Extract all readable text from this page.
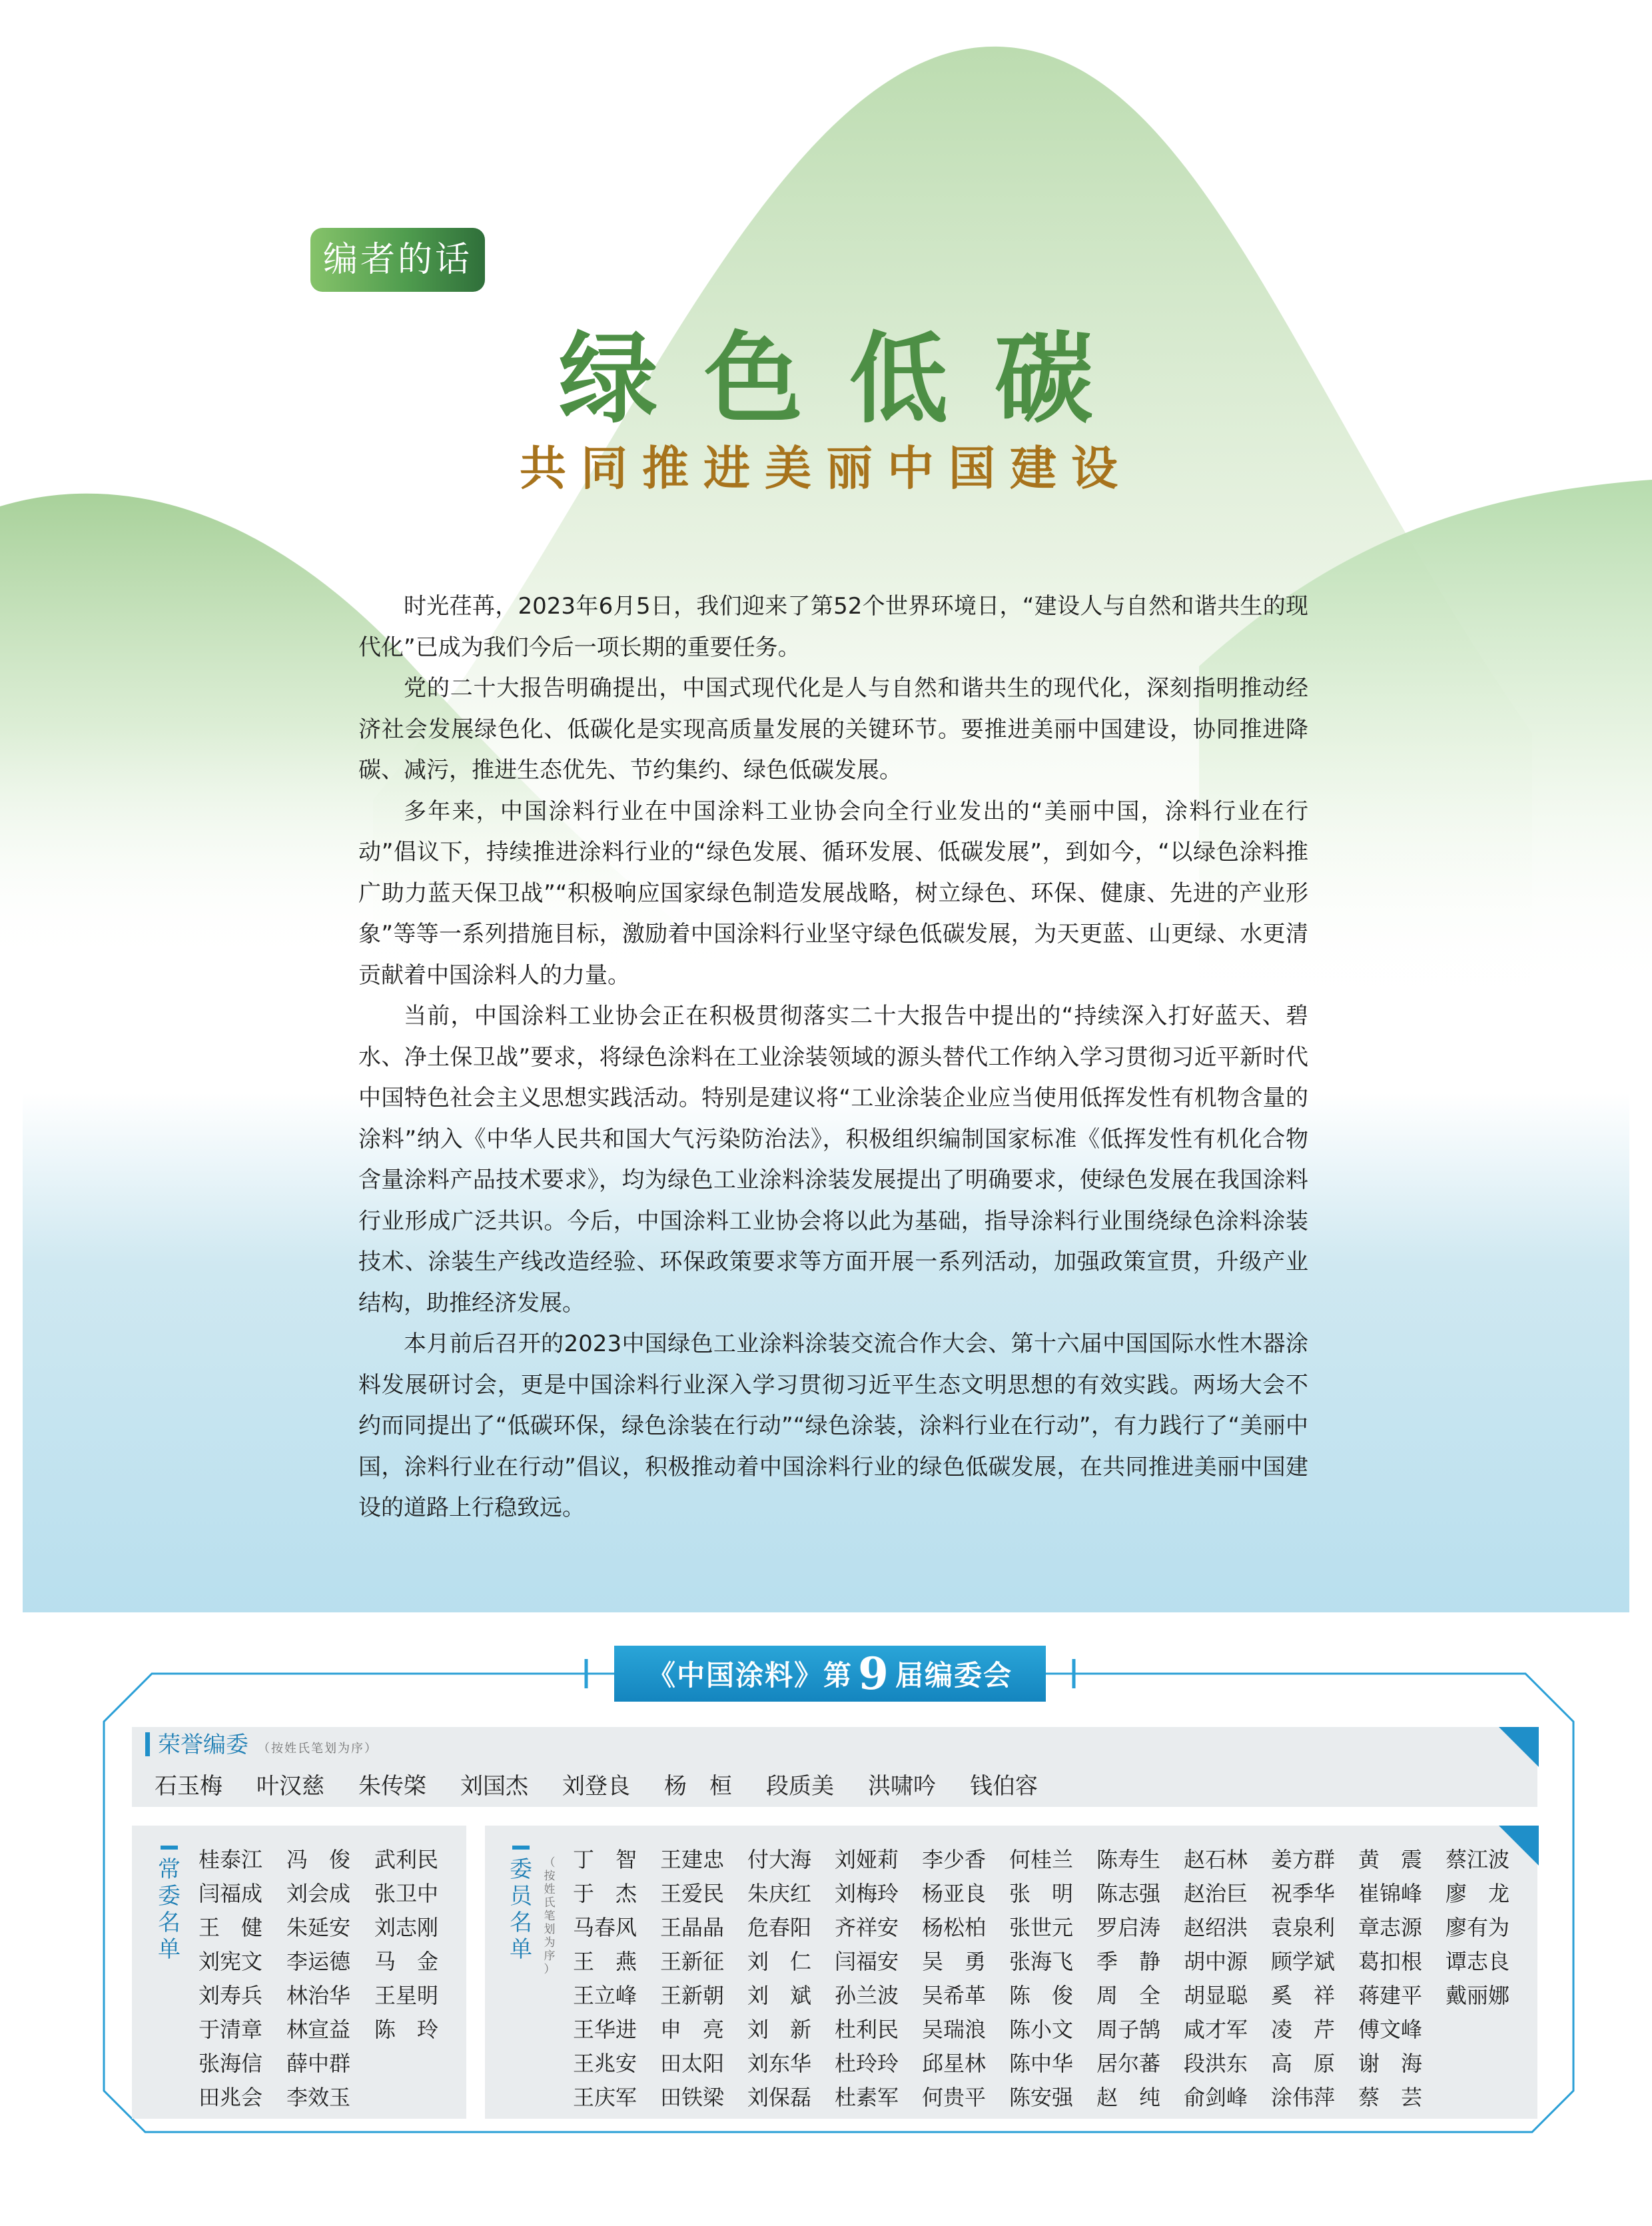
编者的话
绿色低碳
共同推进美丽中国建设

时光荏苒，2023年6月5日，我们迎来了第52个世界环境日，“建设人与自然和谐共生的现代化”已成为我们今后一项长期的重要任务。

党的二十大报告明确提出，中国式现代化是人与自然和谐共生的现代化，深刻指明推动经济社会发展绿色化、低碳化是实现高质量发展的关键环节。要推进美丽中国建设，协同推进降碳、减污，推进生态优先、节约集约、绿色低碳发展。

多年来，中国涂料行业在中国涂料工业协会向全行业发出的“美丽中国，涂料行业在行动”倡议下，持续推进涂料行业的“绿色发展、循环发展、低碳发展”，到如今，“以绿色涂料推广助力蓝天保卫战”“积极响应国家绿色制造发展战略，树立绿色、环保、健康、先进的产业形象”等等一系列措施目标，激励着中国涂料行业坚守绿色低碳发展，为天更蓝、山更绿、水更清贡献着中国涂料人的力量。

当前，中国涂料工业协会正在积极贯彻落实二十大报告中提出的“持续深入打好蓝天、碧水、净土保卫战”要求，将绿色涂料在工业涂装领域的源头替代工作纳入学习贯彻习近平新时代中国特色社会主义思想实践活动。特别是建议将“工业涂装企业应当使用低挥发性有机物含量的涂料”纳入《中华人民共和国大气污染防治法》，积极组织编制国家标准《低挥发性有机化合物含量涂料产品技术要求》，均为绿色工业涂料涂装发展提出了明确要求，使绿色发展在我国涂料行业形成广泛共识。今后，中国涂料工业协会将以此为基础，指导涂料行业围绕绿色涂料涂装技术、涂装生产线改造经验、环保政策要求等方面开展一系列活动，加强政策宣贯，升级产业结构，助推经济发展。

本月前后召开的2023中国绿色工业涂料涂装交流合作大会、第十六届中国国际水性木器涂料发展研讨会，更是中国涂料行业深入学习贯彻习近平生态文明思想的有效实践。两场大会不约而同提出了“低碳环保，绿色涂装在行动”“绿色涂装，涂料行业在行动”，有力践行了“美丽中国，涂料行业在行动”倡议，积极推动着中国涂料行业的绿色低碳发展，在共同推进美丽中国建设的道路上行稳致远。

《中国涂料》第 9 届编委会
荣誉编委 （按姓氏笔划为序）
石玉梅	叶汉慈	朱传棨	刘国杰	刘登良	杨　桓	段质美	洪啸吟	钱伯容
常
委
名
单
桂泰江	冯　俊	武利民
闫福成	刘会成	张卫中
王　健	朱延安	刘志刚
刘宪文	李运德	马　金
刘寿兵	林治华	王星明
于清章	林宣益	陈　玲
张海信	薛中群
田兆会	李效玉
委
员
名
单
（
按
姓
氏
笔
划
为
序
）
丁　智	王建忠	付大海	刘娅莉	李少香	何桂兰	陈寿生	赵石林	姜方群	黄　震	蔡江波
于　杰	王爱民	朱庆红	刘梅玲	杨亚良	张　明	陈志强	赵治巨	祝季华	崔锦峰	廖　龙
马春风	王晶晶	危春阳	齐祥安	杨松柏	张世元	罗启涛	赵绍洪	袁泉利	章志源	廖有为
王　燕	王新征	刘　仁	闫福安	吴　勇	张海飞	季　静	胡中源	顾学斌	葛扣根	谭志良
王立峰	王新朝	刘　斌	孙兰波	吴希革	陈　俊	周　全	胡显聪	奚　祥	蒋建平	戴丽娜
王华进	申　亮	刘　新	杜利民	吴瑞浪	陈小文	周子鹄	咸才军	凌　芹	傅文峰
王兆安	田太阳	刘东华	杜玲玲	邱星林	陈中华	居尔蕃	段洪东	高　原	谢　海
王庆军	田铁梁	刘保磊	杜素军	何贵平	陈安强	赵　纯	俞剑峰	涂伟萍	蔡　芸
